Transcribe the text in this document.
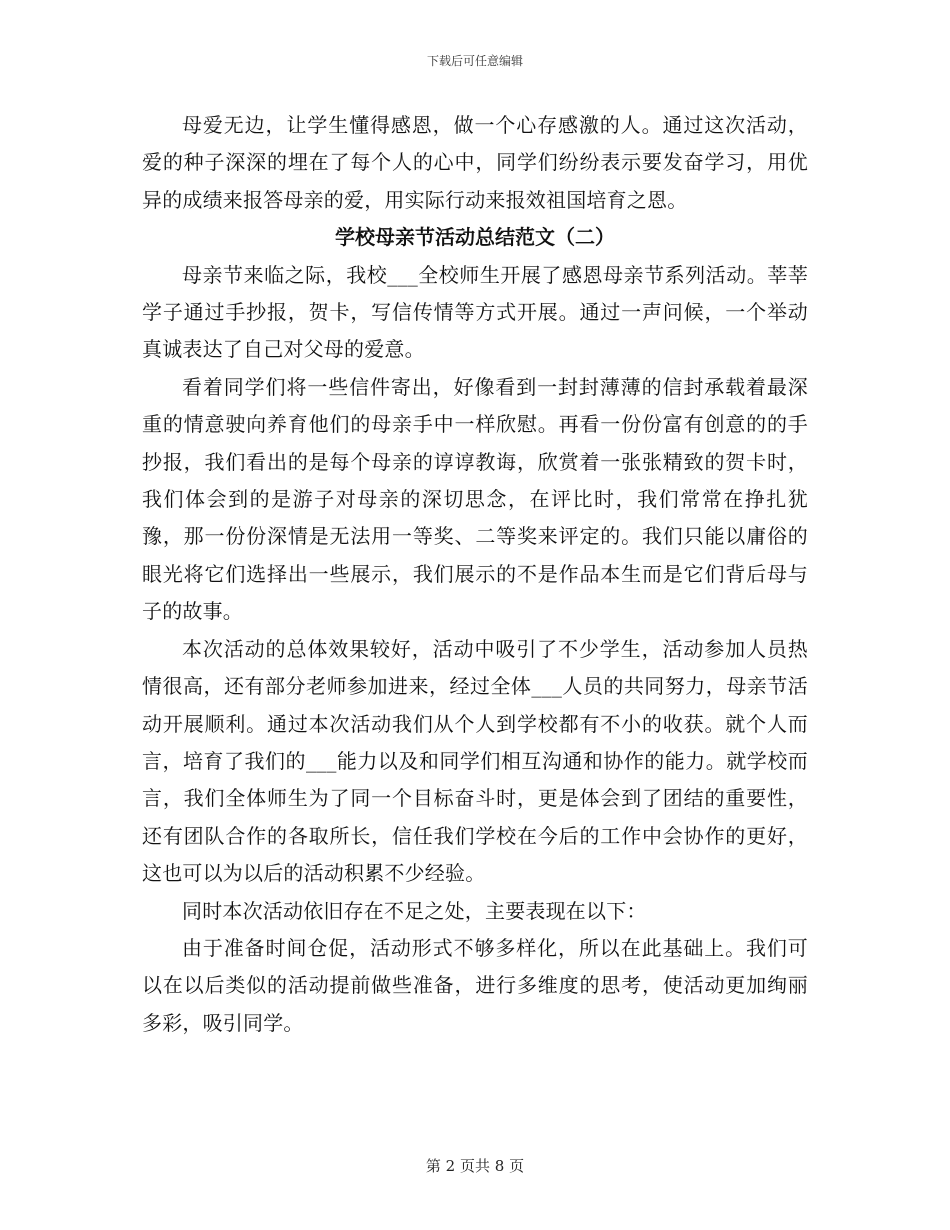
下载后可任意编辑

母爱无边，让学生懂得感恩，做一个心存感激的人。通过这次活动，爱的种子深深的埋在了每个人的心中，同学们纷纷表示要发奋学习，用优异的成绩来报答母亲的爱，用实际行动来报效祖国培育之恩。

学校母亲节活动总结范文（二）

母亲节来临之际，我校___全校师生开展了感恩母亲节系列活动。莘莘学子通过手抄报，贺卡，写信传情等方式开展。通过一声问候，一个举动真诚表达了自己对父母的爱意。

看着同学们将一些信件寄出，好像看到一封封薄薄的信封承载着最深重的情意驶向养育他们的母亲手中一样欣慰。再看一份份富有创意的的手抄报，我们看出的是每个母亲的谆谆教诲，欣赏着一张张精致的贺卡时，我们体会到的是游子对母亲的深切思念，在评比时，我们常常在挣扎犹豫，那一份份深情是无法用一等奖、二等奖来评定的。我们只能以庸俗的眼光将它们选择出一些展示，我们展示的不是作品本生而是它们背后母与子的故事。

本次活动的总体效果较好，活动中吸引了不少学生，活动参加人员热情很高，还有部分老师参加进来，经过全体___人员的共同努力，母亲节活动开展顺利。通过本次活动我们从个人到学校都有不小的收获。就个人而言，培育了我们的___能力以及和同学们相互沟通和协作的能力。就学校而言，我们全体师生为了同一个目标奋斗时，更是体会到了团结的重要性，还有团队合作的各取所长，信任我们学校在今后的工作中会协作的更好，这也可以为以后的活动积累不少经验。

同时本次活动依旧存在不足之处，主要表现在以下：

由于准备时间仓促，活动形式不够多样化，所以在此基础上。我们可以在以后类似的活动提前做些准备，进行多维度的思考，使活动更加绚丽多彩，吸引同学。

第 2 页共 8 页
